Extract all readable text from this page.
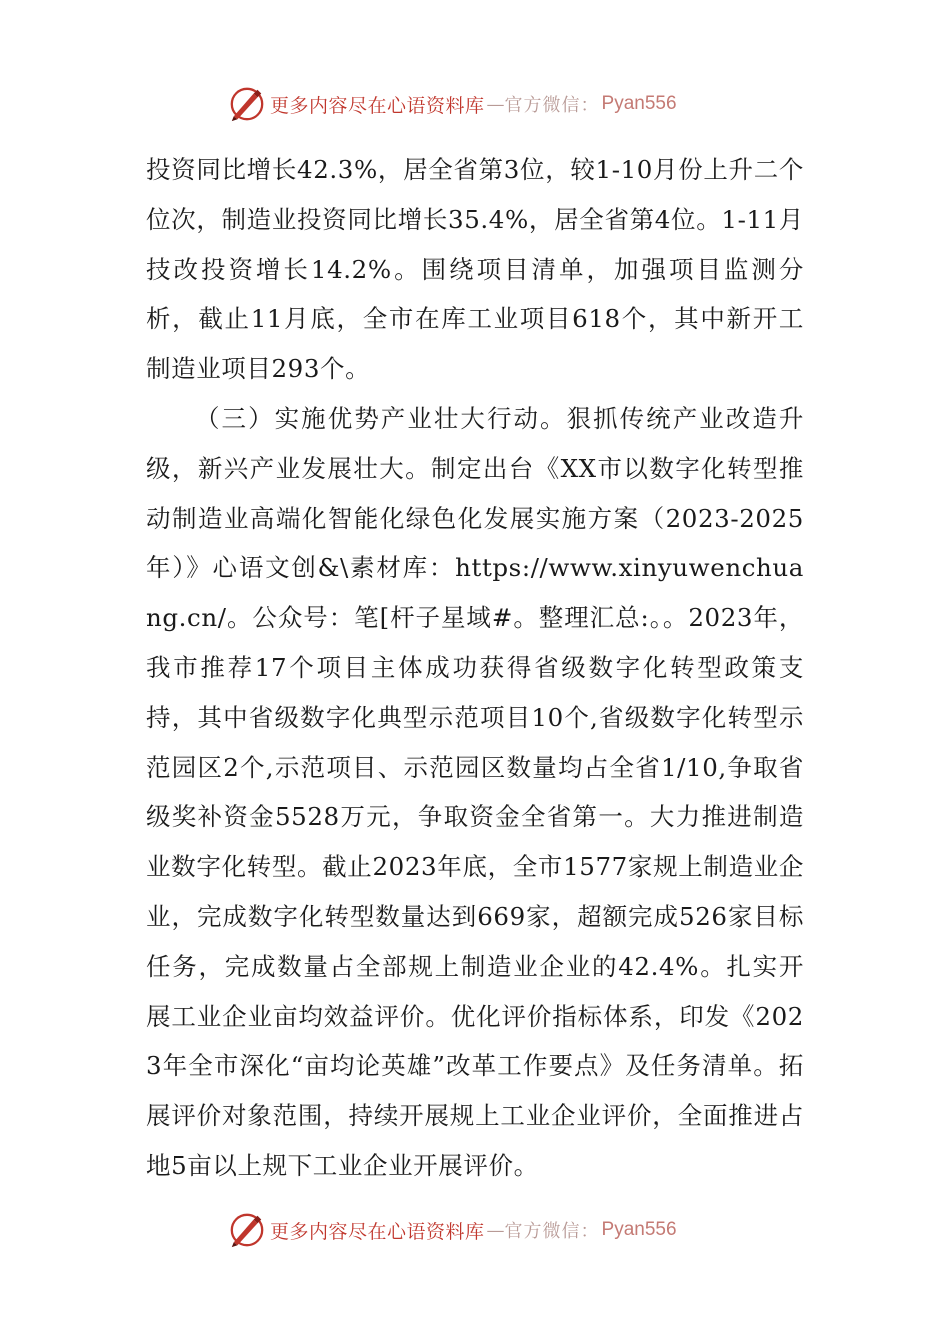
更多内容尽在心语资料库 — 官方微信： Pyan556

投资同比增长42.3%，居全省第3位，较1-10月份上升二个位次，制造业投资同比增长35.4%，居全省第4位。1-11月技改投资增长14.2%。围绕项目清单，加强项目监测分析，截止11月底，全市在库工业项目618个，其中新开工制造业项目293个。

（三）实施优势产业壮大行动。狠抓传统产业改造升级，新兴产业发展壮大。制定出台《XX市以数字化转型推动制造业高端化智能化绿色化发展实施方案（2023-2025年）》心语文创&\素材库：https://www.xinyuwenchuang.cn/。公众号：笔[杆子星域#。整理汇总:。。2023年，我市推荐17个项目主体成功获得省级数字化转型政策支持，其中省级数字化典型示范项目10个,省级数字化转型示范园区2个,示范项目、示范园区数量均占全省1/10,争取省级奖补资金5528万元，争取资金全省第一。大力推进制造业数字化转型。截止2023年底，全市1577家规上制造业企业，完成数字化转型数量达到669家，超额完成526家目标任务，完成数量占全部规上制造业企业的42.4%。扎实开展工业企业亩均效益评价。优化评价指标体系，印发《2023年全市深化“亩均论英雄”改革工作要点》及任务清单。拓展评价对象范围，持续开展规上工业企业评价，全面推进占地5亩以上规下工业企业开展评价。

更多内容尽在心语资料库 — 官方微信： Pyan556
